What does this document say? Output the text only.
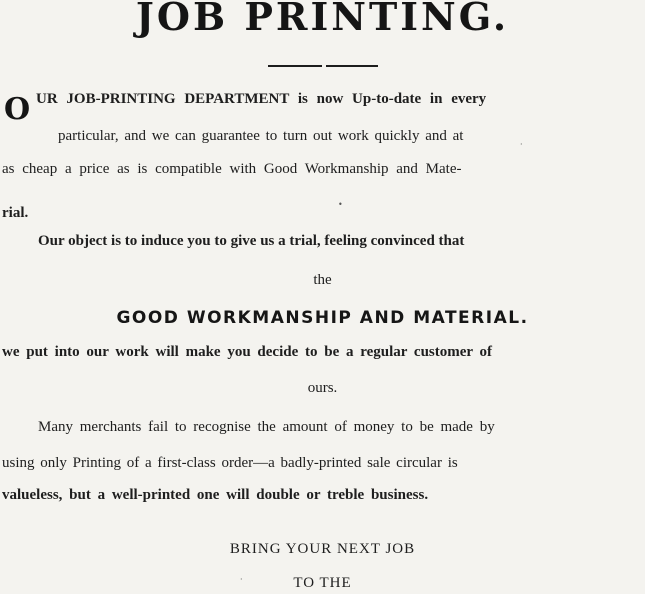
JOB PRINTING.
O UR JOB-PRINTING DEPARTMENT is now Up-to-date in every
particular, and we can guarantee to turn out work quickly and at
as cheap a price as is compatible with Good Workmanship and Mate-
rial.
Our object is to induce you to give us a trial, feeling convinced that
the
GOOD WORKMANSHIP AND MATERIAL.
we put into our work will make you decide to be a regular customer of
ours.
Many merchants fail to recognise the amount of money to be made by
using only Printing of a first-class order—a badly-printed sale circular is
valueless, but a well-printed one will double or treble business.
BRING YOUR NEXT JOB
TO THE
•
·
·
